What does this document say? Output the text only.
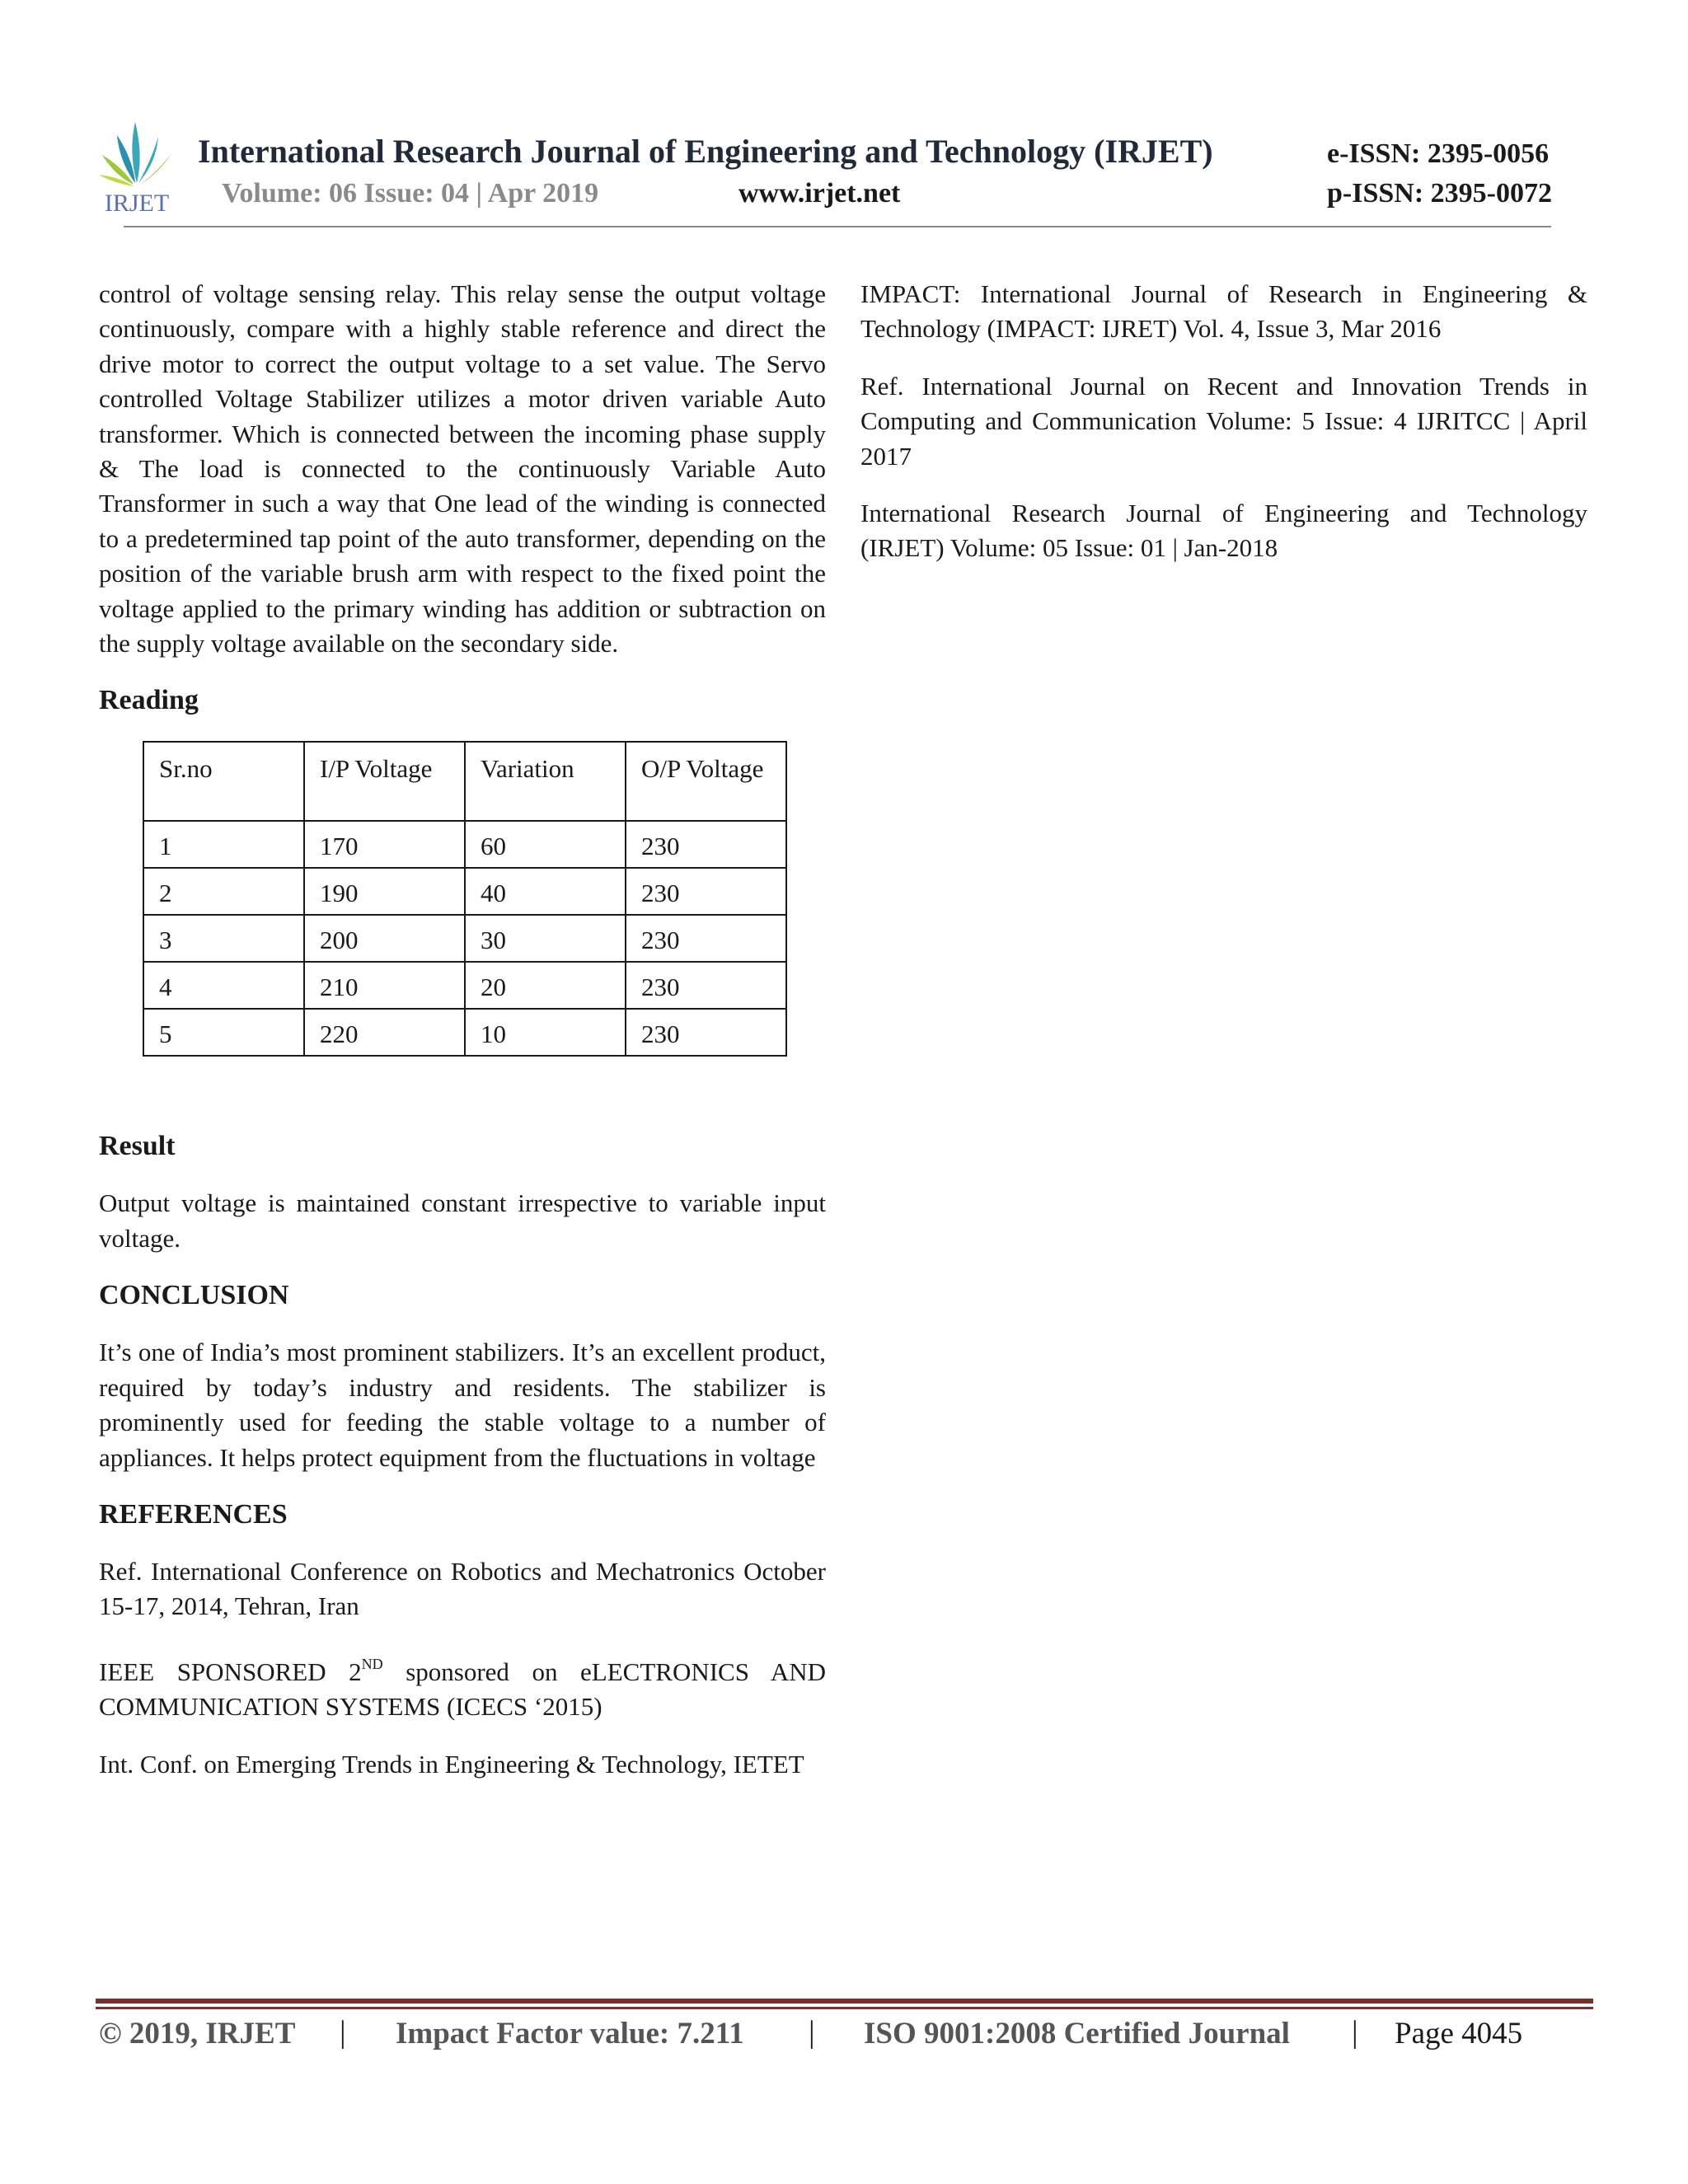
IRJET
International Research Journal of Engineering and Technology (IRJET)
Volume: 06 Issue: 04 | Apr 2019	www.irjet.net
e-ISSN: 2395-0056
p-ISSN: 2395-0072

control of voltage sensing relay. This relay sense the output voltage continuously, compare with a highly stable reference and direct the drive motor to correct the output voltage to a set value. The Servo controlled Voltage Stabilizer utilizes a motor driven variable Auto transformer. Which is connected between the incoming phase supply & The load is connected to the continuously Variable Auto Transformer in such a way that One lead of the winding is connected to a predetermined tap point of the auto transformer, depending on the position of the variable brush arm with respect to the fixed point the voltage applied to the primary winding has addition or subtraction on the supply voltage available on the secondary side.

Reading
Sr.no	I/P Voltage	Variation	O/P Voltage
1	170	60	230
2	190	40	230
3	200	30	230
4	210	20	230
5	220	10	230
Result

Output voltage is maintained constant irrespective to variable input voltage.

CONCLUSION

It’s one of India’s most prominent stabilizers. It’s an excellent product, required by today’s industry and residents. The stabilizer is prominently used for feeding the stable voltage to a number of appliances. It helps protect equipment from the fluctuations in voltage

REFERENCES

Ref. International Conference on Robotics and Mechatronics October 15-17, 2014, Tehran, Iran

IEEE SPONSORED 2ND sponsored on eLECTRONICS AND COMMUNICATION SYSTEMS (ICECS ‘2015)

Int. Conf. on Emerging Trends in Engineering & Technology, IETET

IMPACT: International Journal of Research in Engineering & Technology (IMPACT: IJRET) Vol. 4, Issue 3, Mar 2016

Ref. International Journal on Recent and Innovation Trends in Computing and Communication Volume: 5 Issue: 4 IJRITCC | April 2017

International Research Journal of Engineering and Technology (IRJET) Volume: 05 Issue: 01 | Jan-2018

© 2019, IRJET | Impact Factor value: 7.211 | ISO 9001:2008 Certified Journal | Page 4045
